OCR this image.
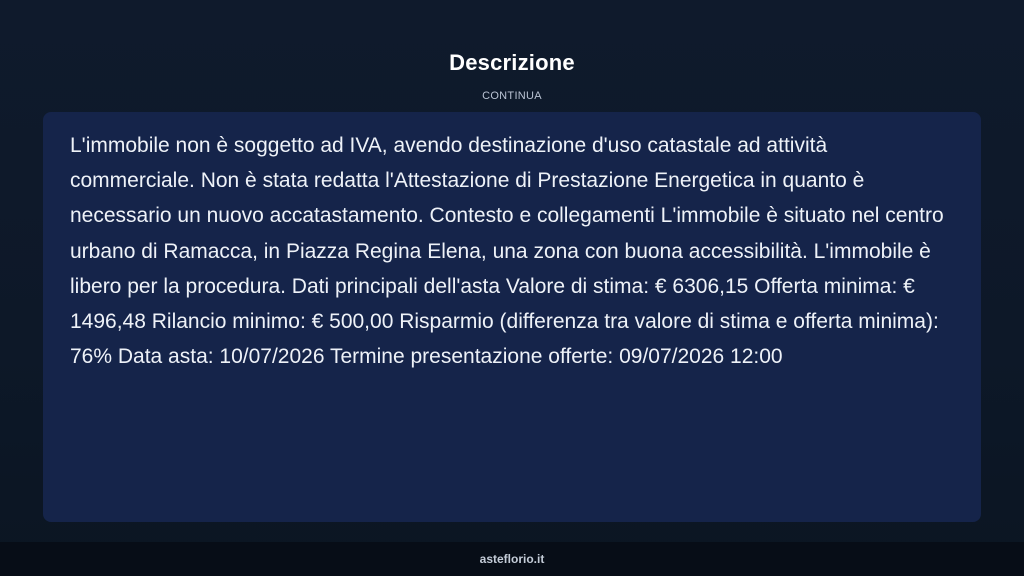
Descrizione
CONTINUA

L'immobile non è soggetto ad IVA, avendo destinazione d'uso catastale ad attività commerciale. Non è stata redatta l'Attestazione di Prestazione Energetica in quanto è necessario un nuovo accatastamento. Contesto e collegamenti L'immobile è situato nel centro urbano di Ramacca, in Piazza Regina Elena, una zona con buona accessibilità. L'immobile è libero per la procedura. Dati principali dell'asta Valore di stima: € 6306,15 Offerta minima: € 1496,48 Rilancio minimo: € 500,00 Risparmio (differenza tra valore di stima e offerta minima): 76% Data asta: 10/07/2026 Termine presentazione offerte: 09/07/2026 12:00

asteflorio.it
